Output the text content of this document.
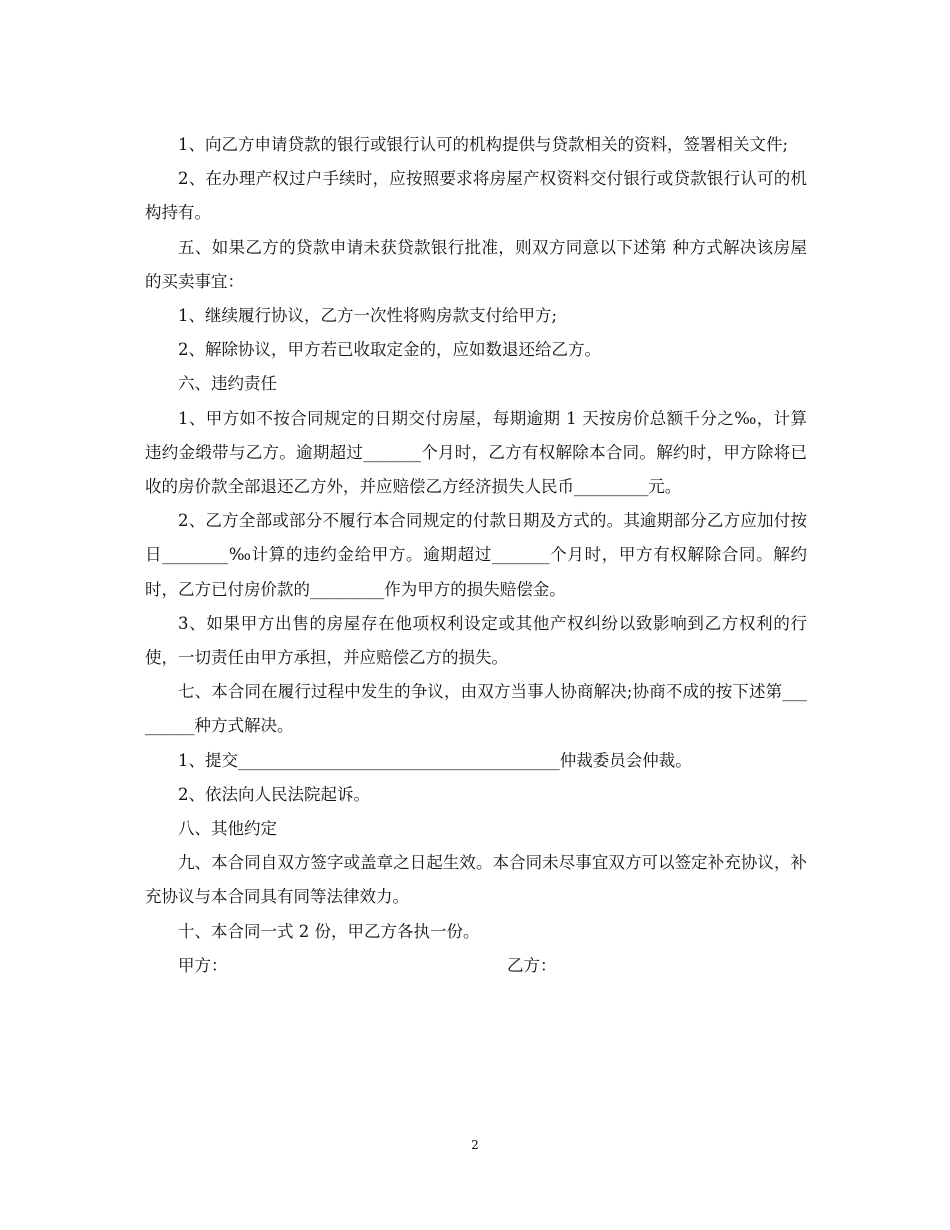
1、向乙方申请贷款的银行或银行认可的机构提供与贷款相关的资料，签署相关文件;

2、在办理产权过户手续时，应按照要求将房屋产权资料交付银行或贷款银行认可的机构持有。

五、如果乙方的贷款申请未获贷款银行批准，则双方同意以下述第 种方式解决该房屋的买卖事宜：

1、继续履行协议，乙方一次性将购房款支付给甲方;

2、解除协议，甲方若已收取定金的，应如数退还给乙方。

六、违约责任

1、甲方如不按合同规定的日期交付房屋，每期逾期 1 天按房价总额千分之‰，计算违约金缎带与乙方。逾期超过_______个月时，乙方有权解除本合同。解约时，甲方除将已收的房价款全部退还乙方外，并应赔偿乙方经济损失人民币_________元。

2、乙方全部或部分不履行本合同规定的付款日期及方式的。其逾期部分乙方应加付按日________‰计算的违约金给甲方。逾期超过_______个月时，甲方有权解除合同。解约时，乙方已付房价款的_________作为甲方的损失赔偿金。

3、如果甲方出售的房屋存在他项权利设定或其他产权纠纷以致影响到乙方权利的行使，一切责任由甲方承担，并应赔偿乙方的损失。

七、本合同在履行过程中发生的争议，由双方当事人协商解决;协商不成的按下述第_________种方式解决。

1、提交_______________________________________仲裁委员会仲裁。

2、依法向人民法院起诉。

八、其他约定

九、本合同自双方签字或盖章之日起生效。本合同未尽事宜双方可以签定补充协议，补充协议与本合同具有同等法律效力。

十、本合同一式 2 份，甲乙方各执一份。

甲方：	乙方：
2
